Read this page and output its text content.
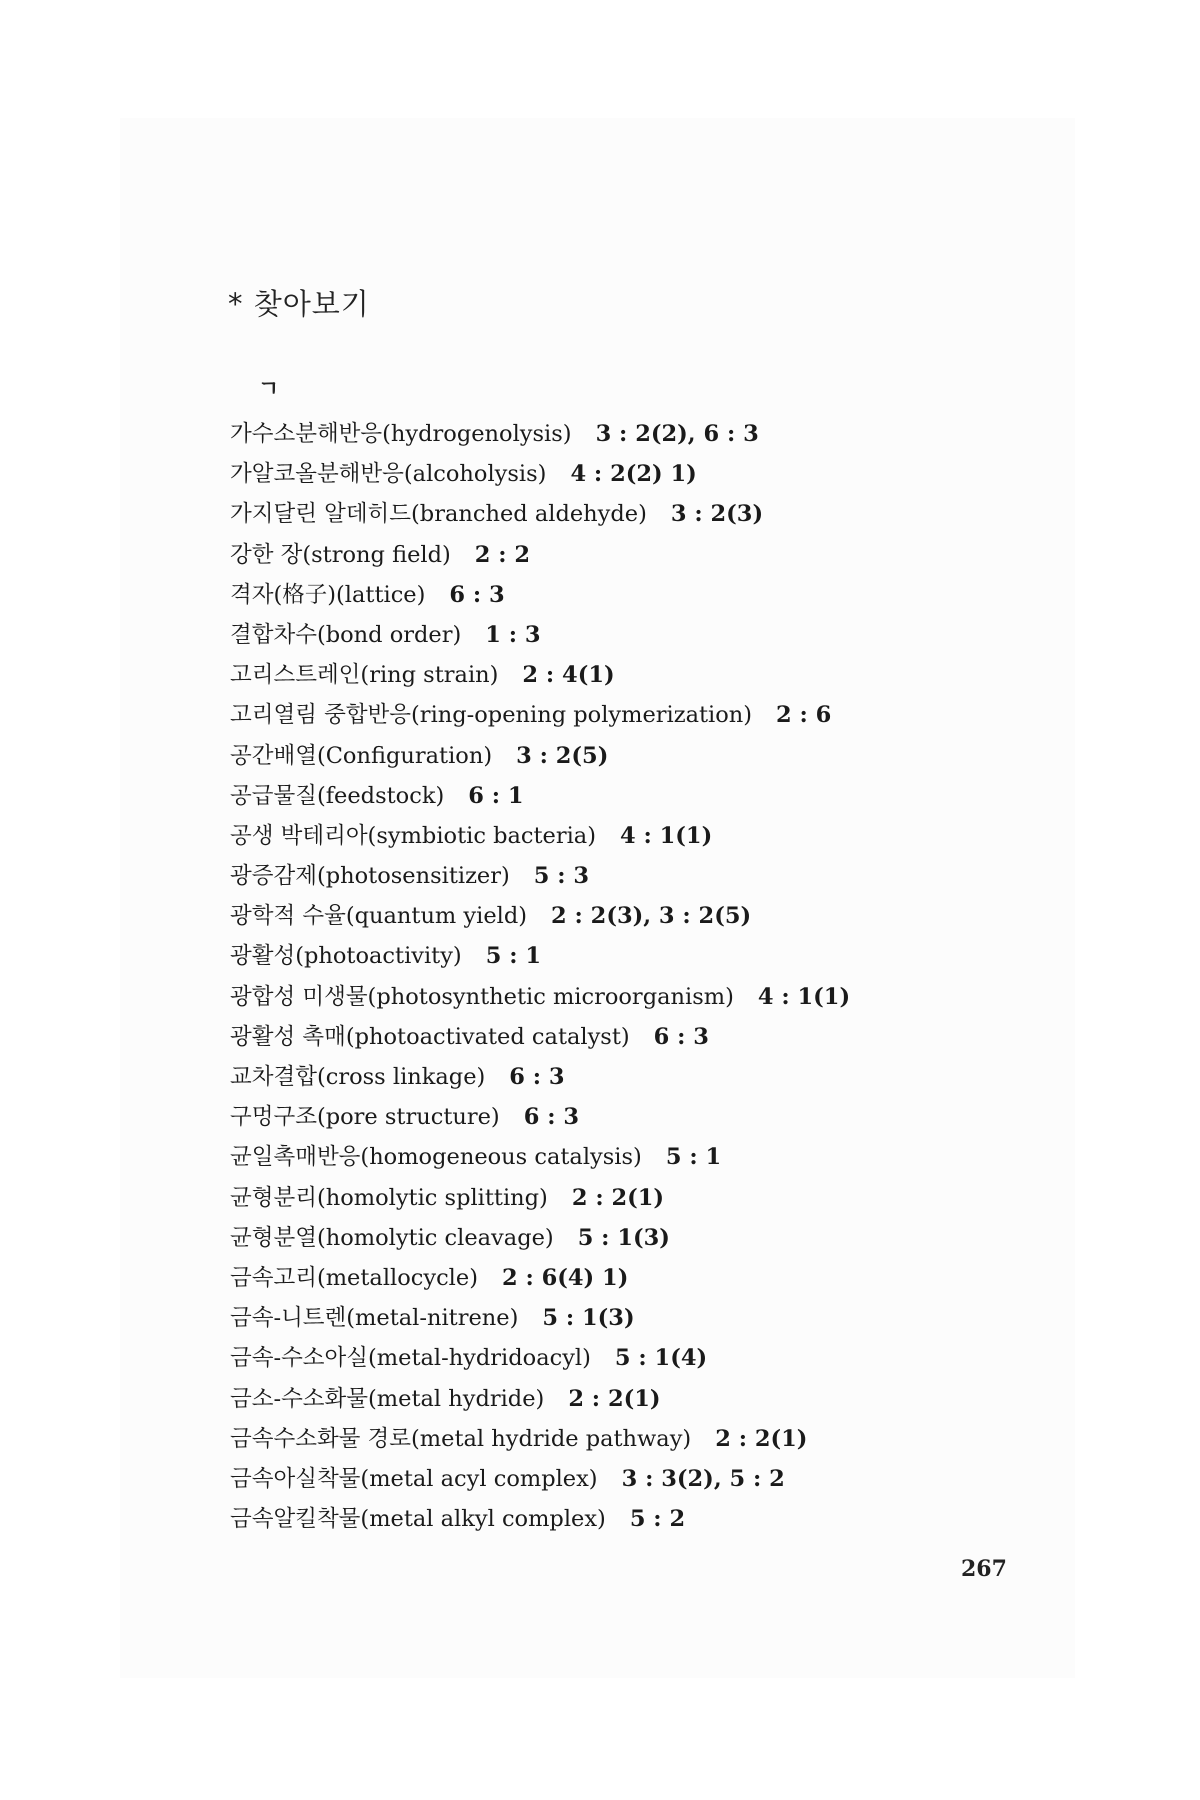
* 찾아보기
ㄱ
가수소분해반응(hydrogenolysis) 3 : 2(2), 6 : 3
가알코올분해반응(alcoholysis) 4 : 2(2) 1)
가지달린 알데히드(branched aldehyde) 3 : 2(3)
강한 장(strong field) 2 : 2
격자(格子)(lattice) 6 : 3
결합차수(bond order) 1 : 3
고리스트레인(ring strain) 2 : 4(1)
고리열림 중합반응(ring-opening polymerization) 2 : 6
공간배열(Configuration) 3 : 2(5)
공급물질(feedstock) 6 : 1
공생 박테리아(symbiotic bacteria) 4 : 1(1)
광증감제(photosensitizer) 5 : 3
광학적 수율(quantum yield) 2 : 2(3), 3 : 2(5)
광활성(photoactivity) 5 : 1
광합성 미생물(photosynthetic microorganism) 4 : 1(1)
광활성 촉매(photoactivated catalyst) 6 : 3
교차결합(cross linkage) 6 : 3
구멍구조(pore structure) 6 : 3
균일촉매반응(homogeneous catalysis) 5 : 1
균형분리(homolytic splitting) 2 : 2(1)
균형분열(homolytic cleavage) 5 : 1(3)
금속고리(metallocycle) 2 : 6(4) 1)
금속-니트렌(metal-nitrene) 5 : 1(3)
금속-수소아실(metal-hydridoacyl) 5 : 1(4)
금소-수소화물(metal hydride) 2 : 2(1)
금속수소화물 경로(metal hydride pathway) 2 : 2(1)
금속아실착물(metal acyl complex) 3 : 3(2), 5 : 2
금속알킬착물(metal alkyl complex) 5 : 2
267
